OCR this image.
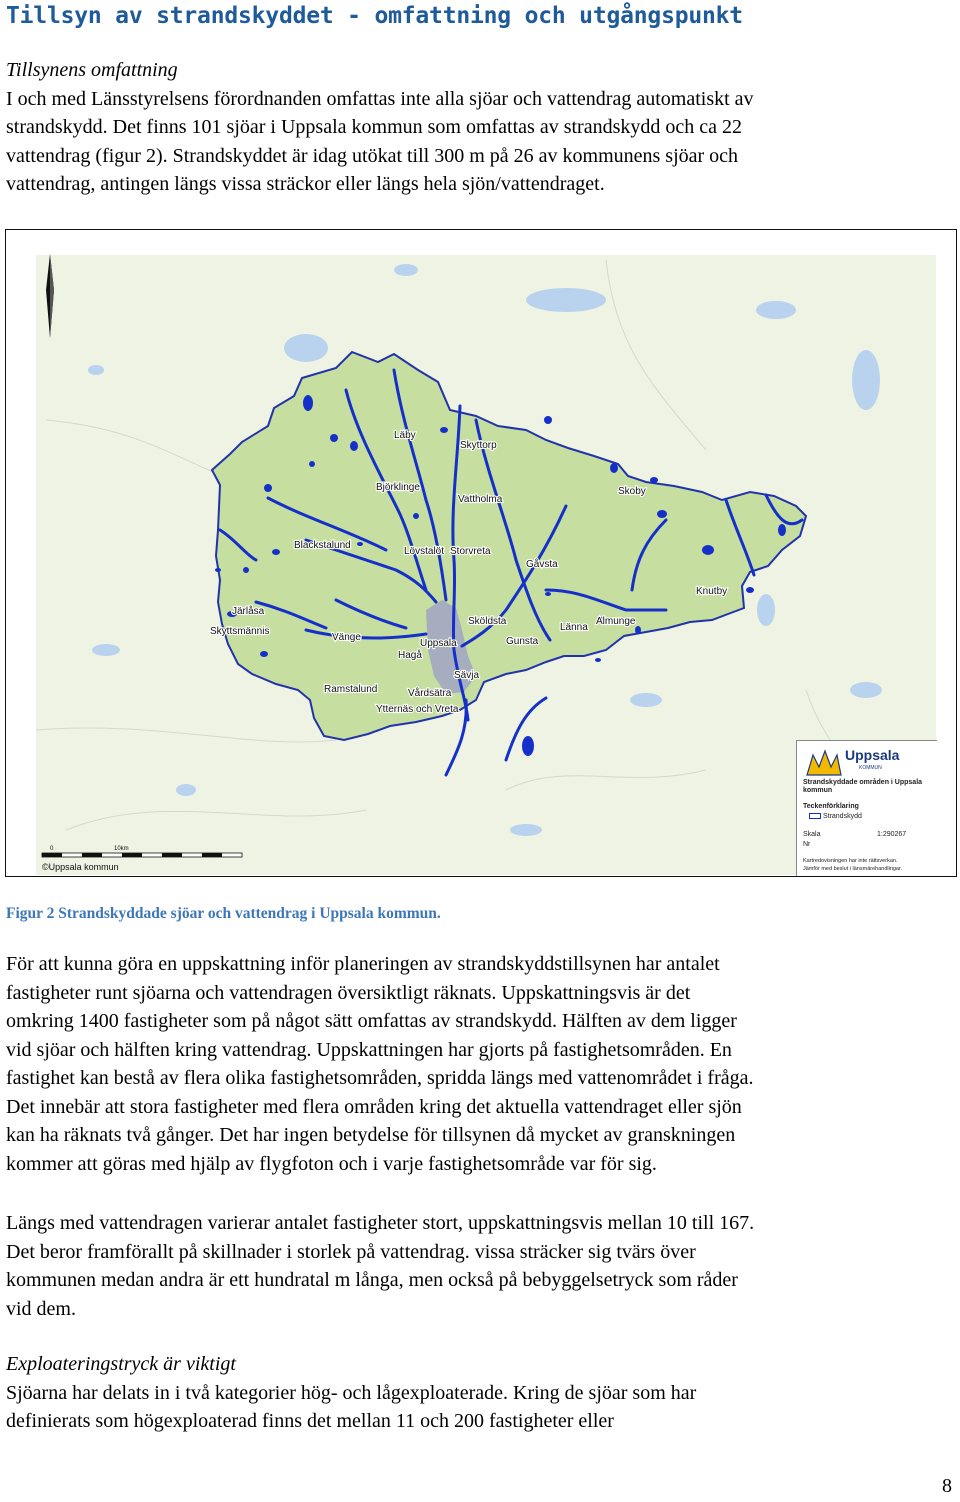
Tillsyn av strandskyddet - omfattning och utgångspunkt
Tillsynens omfattning
I och med Länsstyrelsens förordnanden omfattas inte alla sjöar och vattendrag automatiskt av
strandskydd. Det finns 101 sjöar i Uppsala kommun som omfattas av strandskydd och ca 22
vattendrag (figur 2). Strandskyddet är idag utökat till 300 m på 26 av kommunens sjöar och
vattendrag, antingen längs vissa sträckor eller längs hela sjön/vattendraget.
Läby
Skyttorp
Björklinge
Vattholma
Skoby
Blackstalund
Lövstalöt Storvreta
Gåvsta
Knutby
Järlåsa
Skyttsmännis
Vänge
Uppsala
Sköldsta
Gunsta
Länna
Almunge
Hagå
Ramstalund
Sävja
Vårdsätra
Ytternäs och Vreta
0	10km
©Uppsala kommun
Uppsala
KOMMUN
Strandskyddade områden i Uppsala kommun
Teckenförklaring
Strandskydd
Skala	1:290267
Nr
Kartredovisningen har inte rättsverkan.
Jämför med beslut i länsmärehandlingar.

Figur 2 Strandskyddade sjöar och vattendrag i Uppsala kommun.

För att kunna göra en uppskattning inför planeringen av strandskyddstillsynen har antalet
fastigheter runt sjöarna och vattendragen översiktligt räknats. Uppskattningsvis är det
omkring 1400 fastigheter som på något sätt omfattas av strandskydd. Hälften av dem ligger
vid sjöar och hälften kring vattendrag. Uppskattningen har gjorts på fastighetsområden. En
fastighet kan bestå av flera olika fastighetsområden, spridda längs med vattenområdet i fråga.
Det innebär att stora fastigheter med flera områden kring det aktuella vattendraget eller sjön
kan ha räknats två gånger. Det har ingen betydelse för tillsynen då mycket av granskningen
kommer att göras med hjälp av flygfoton och i varje fastighetsområde var för sig.
Längs med vattendragen varierar antalet fastigheter stort, uppskattningsvis mellan 10 till 167.
Det beror framförallt på skillnader i storlek på vattendrag. vissa sträcker sig tvärs över
kommunen medan andra är ett hundratal m långa, men också på bebyggelsetryck som råder
vid dem.
Exploateringstryck är viktigt
Sjöarna har delats in i två kategorier hög- och lågexploaterade. Kring de sjöar som har
definierats som högexploaterad finns det mellan 11 och 200 fastigheter eller
8
